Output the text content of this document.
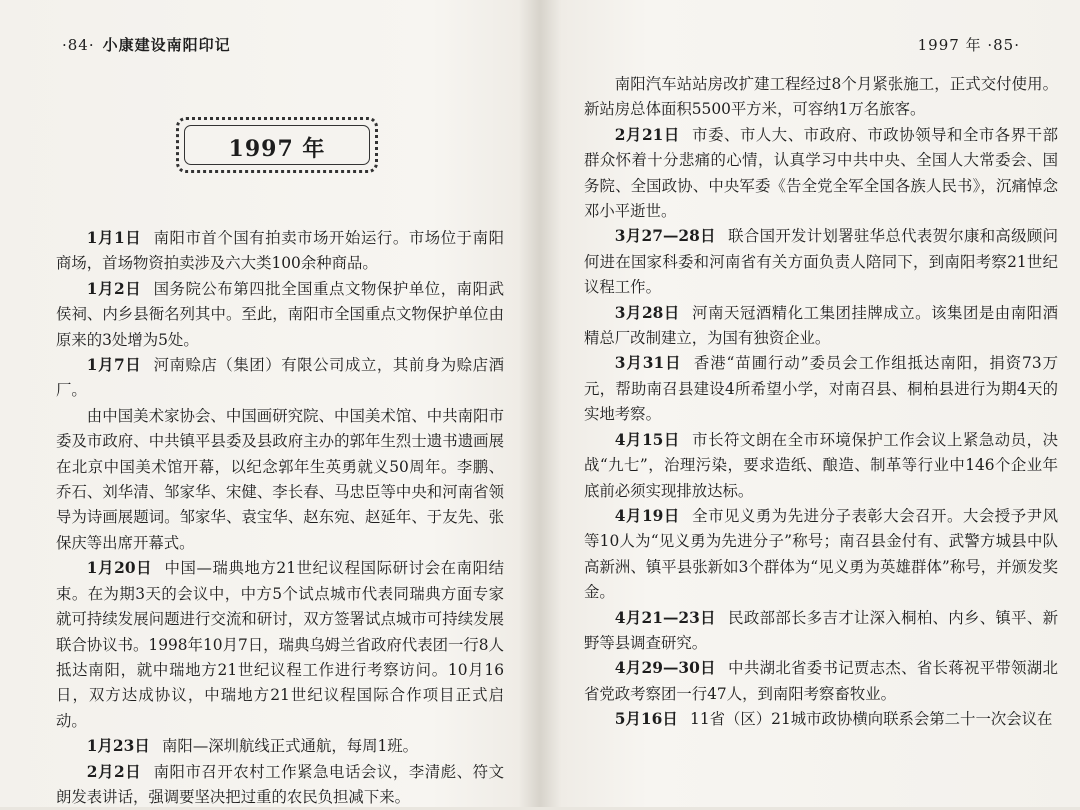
·84· 小康建设南阳印记
1997 年

1月1日 南阳市首个国有拍卖市场开始运行。市场位于南阳商场，首场物资拍卖涉及六大类100余种商品。

1月2日 国务院公布第四批全国重点文物保护单位，南阳武侯祠、内乡县衙名列其中。至此，南阳市全国重点文物保护单位由原来的3处增为5处。

1月7日 河南赊店（集团）有限公司成立，其前身为赊店酒厂。

由中国美术家协会、中国画研究院、中国美术馆、中共南阳市委及市政府、中共镇平县委及县政府主办的郭年生烈士遗书遗画展在北京中国美术馆开幕，以纪念郭年生英勇就义50周年。李鹏、乔石、刘华清、邹家华、宋健、李长春、马忠臣等中央和河南省领导为诗画展题词。邹家华、袁宝华、赵东宛、赵延年、于友先、张保庆等出席开幕式。

1月20日 中国—瑞典地方21世纪议程国际研讨会在南阳结束。在为期3天的会议中，中方5个试点城市代表同瑞典方面专家就可持续发展问题进行交流和研讨，双方签署试点城市可持续发展联合协议书。1998年10月7日，瑞典乌姆兰省政府代表团一行8人抵达南阳，就中瑞地方21世纪议程工作进行考察访问。10月16日，双方达成协议，中瑞地方21世纪议程国际合作项目正式启动。

1月23日 南阳—深圳航线正式通航，每周1班。

2月2日 南阳市召开农村工作紧急电话会议，李清彪、符文朗发表讲话，强调要坚决把过重的农民负担减下来。

1997 年 ·85·

南阳汽车站站房改扩建工程经过8个月紧张施工，正式交付使用。新站房总体面积5500平方米，可容纳1万名旅客。

2月21日 市委、市人大、市政府、市政协领导和全市各界干部群众怀着十分悲痛的心情，认真学习中共中央、全国人大常委会、国务院、全国政协、中央军委《告全党全军全国各族人民书》，沉痛悼念邓小平逝世。

3月27—28日 联合国开发计划署驻华总代表贺尔康和高级顾问何进在国家科委和河南省有关方面负责人陪同下，到南阳考察21世纪议程工作。

3月28日 河南天冠酒精化工集团挂牌成立。该集团是由南阳酒精总厂改制建立，为国有独资企业。

3月31日 香港“苗圃行动”委员会工作组抵达南阳，捐资73万元，帮助南召县建设4所希望小学，对南召县、桐柏县进行为期4天的实地考察。

4月15日 市长符文朗在全市环境保护工作会议上紧急动员，决战“九七”，治理污染，要求造纸、酿造、制革等行业中146个企业年底前必须实现排放达标。

4月19日 全市见义勇为先进分子表彰大会召开。大会授予尹风等10人为“见义勇为先进分子”称号；南召县金付有、武警方城县中队高新洲、镇平县张新如3个群体为“见义勇为英雄群体”称号，并颁发奖金。

4月21—23日 民政部部长多吉才让深入桐柏、内乡、镇平、新野等县调查研究。

4月29—30日 中共湖北省委书记贾志杰、省长蒋祝平带领湖北省党政考察团一行47人，到南阳考察畜牧业。

5月16日 11省（区）21城市政协横向联系会第二十一次会议在
